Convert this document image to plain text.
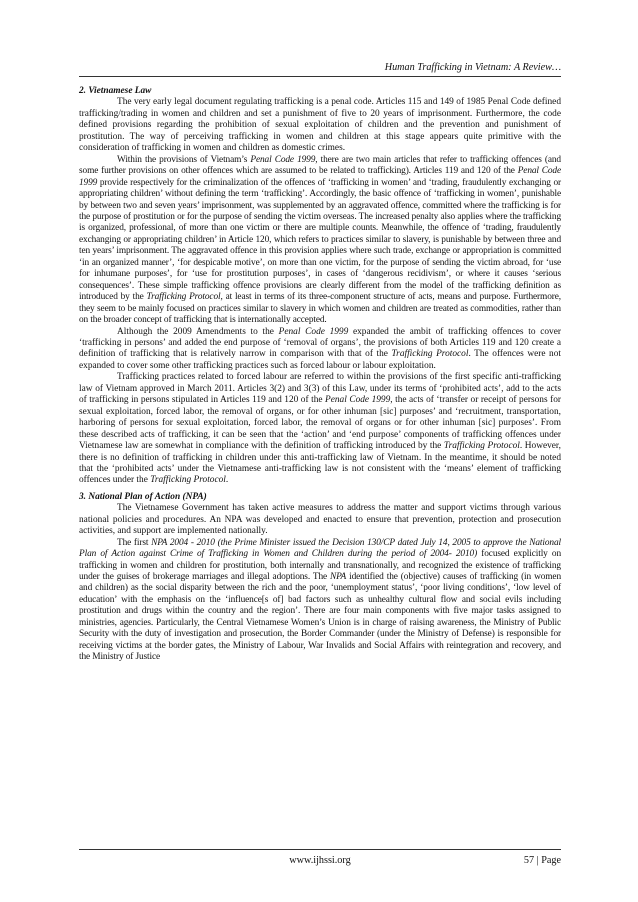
Human Trafficking in Vietnam: A Review…
2. Vietnamese Law

The very early legal document regulating trafficking is a penal code. Articles 115 and 149 of 1985 Penal Code defined trafficking/trading in women and children and set a punishment of five to 20 years of imprisonment. Furthermore, the code defined provisions regarding the prohibition of sexual exploitation of children and the prevention and punishment of prostitution. The way of perceiving trafficking in women and children at this stage appears quite primitive with the consideration of trafficking in women and children as domestic crimes.

Within the provisions of Vietnam’s Penal Code 1999, there are two main articles that refer to trafficking offences (and some further provisions on other offences which are assumed to be related to trafficking). Articles 119 and 120 of the Penal Code 1999 provide respectively for the criminalization of the offences of ‘trafficking in women’ and ‘trading, fraudulently exchanging or appropriating children’ without defining the term ‘trafficking’. Accordingly, the basic offence of ‘trafficking in women’, punishable by between two and seven years’ imprisonment, was supplemented by an aggravated offence, committed where the trafficking is for the purpose of prostitution or for the purpose of sending the victim overseas. The increased penalty also applies where the trafficking is organized, professional, of more than one victim or there are multiple counts. Meanwhile, the offence of ‘trading, fraudulently exchanging or appropriating children’ in Article 120, which refers to practices similar to slavery, is punishable by between three and ten years’ imprisonment. The aggravated offence in this provision applies where such trade, exchange or appropriation is committed ‘in an organized manner’, ‘for despicable motive’, on more than one victim, for the purpose of sending the victim abroad, for ‘use for inhumane purposes’, for ‘use for prostitution purposes’, in cases of ‘dangerous recidivism’, or where it causes ‘serious consequences’. These simple trafficking offence provisions are clearly different from the model of the trafficking definition as introduced by the Trafficking Protocol, at least in terms of its three-component structure of acts, means and purpose. Furthermore, they seem to be mainly focused on practices similar to slavery in which women and children are treated as commodities, rather than on the broader concept of trafficking that is internationally accepted.

Although the 2009 Amendments to the Penal Code 1999 expanded the ambit of trafficking offences to cover ‘trafficking in persons’ and added the end purpose of ‘removal of organs’, the provisions of both Articles 119 and 120 create a definition of trafficking that is relatively narrow in comparison with that of the Trafficking Protocol. The offences were not expanded to cover some other trafficking practices such as forced labour or labour exploitation.

Trafficking practices related to forced labour are referred to within the provisions of the first specific anti-trafficking law of Vietnam approved in March 2011. Articles 3(2) and 3(3) of this Law, under its terms of ‘prohibited acts’, add to the acts of trafficking in persons stipulated in Articles 119 and 120 of the Penal Code 1999, the acts of ‘transfer or receipt of persons for sexual exploitation, forced labor, the removal of organs, or for other inhuman [sic] purposes’ and ‘recruitment, transportation, harboring of persons for sexual exploitation, forced labor, the removal of organs or for other inhuman [sic] purposes’. From these described acts of trafficking, it can be seen that the ‘action’ and ‘end purpose’ components of trafficking offences under Vietnamese law are somewhat in compliance with the definition of trafficking introduced by the Trafficking Protocol. However, there is no definition of trafficking in children under this anti-trafficking law of Vietnam. In the meantime, it should be noted that the ‘prohibited acts’ under the Vietnamese anti-trafficking law is not consistent with the ‘means’ element of trafficking offences under the Trafficking Protocol.

3. National Plan of Action (NPA)

The Vietnamese Government has taken active measures to address the matter and support victims through various national policies and procedures. An NPA was developed and enacted to ensure that prevention, protection and prosecution activities, and support are implemented nationally.

The first NPA 2004 - 2010 (the Prime Minister issued the Decision 130/CP dated July 14, 2005 to approve the National Plan of Action against Crime of Trafficking in Women and Children during the period of 2004- 2010) focused explicitly on trafficking in women and children for prostitution, both internally and transnationally, and recognized the existence of trafficking under the guises of brokerage marriages and illegal adoptions. The NPA identified the (objective) causes of trafficking (in women and children) as the social disparity between the rich and the poor, ‘unemployment status’, ‘poor living conditions’, ‘low level of education’ with the emphasis on the ‘influence[s of] bad factors such as unhealthy cultural flow and social evils including prostitution and drugs within the country and the region’. There are four main components with five major tasks assigned to ministries, agencies. Particularly, the Central Vietnamese Women’s Union is in charge of raising awareness, the Ministry of Public Security with the duty of investigation and prosecution, the Border Commander (under the Ministry of Defense) is responsible for receiving victims at the border gates, the Ministry of Labour, War Invalids and Social Affairs with reintegration and recovery, and the Ministry of Justice

www.ijhssi.org	57 | Page
